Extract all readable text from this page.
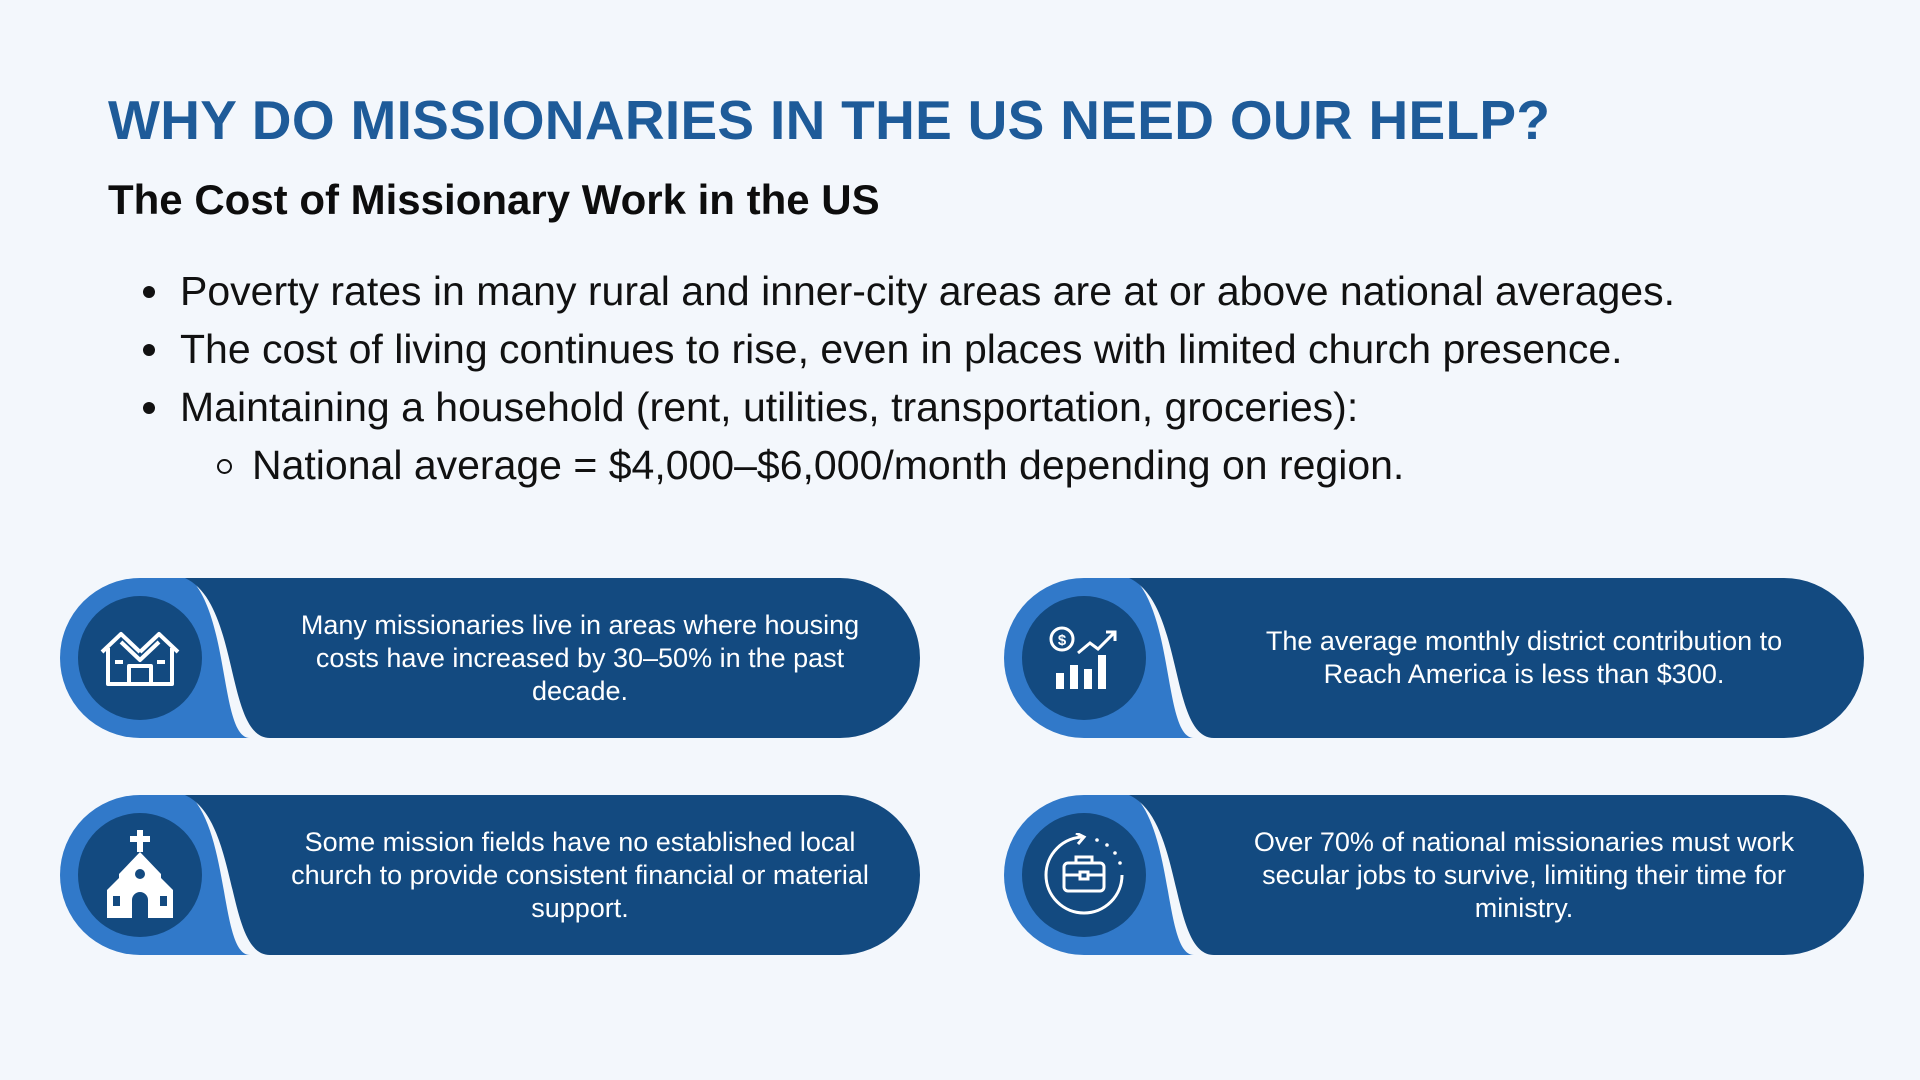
WHY DO MISSIONARIES IN THE US NEED OUR HELP?
The Cost of Missionary Work in the US
Poverty rates in many rural and inner-city areas are at or above national averages.
The cost of living continues to rise, even in places with limited church presence.
Maintaining a household (rent, utilities, transportation, groceries):
National average = $4,000–$6,000/month depending on region.
Many missionaries live in areas where housing costs have increased by 30–50% in the past decade.
$	The average monthly district contribution to Reach America is less than $300.
Some mission fields have no established local church to provide consistent financial or material support.
Over 70% of national missionaries must work secular jobs to survive, limiting their time for ministry.
